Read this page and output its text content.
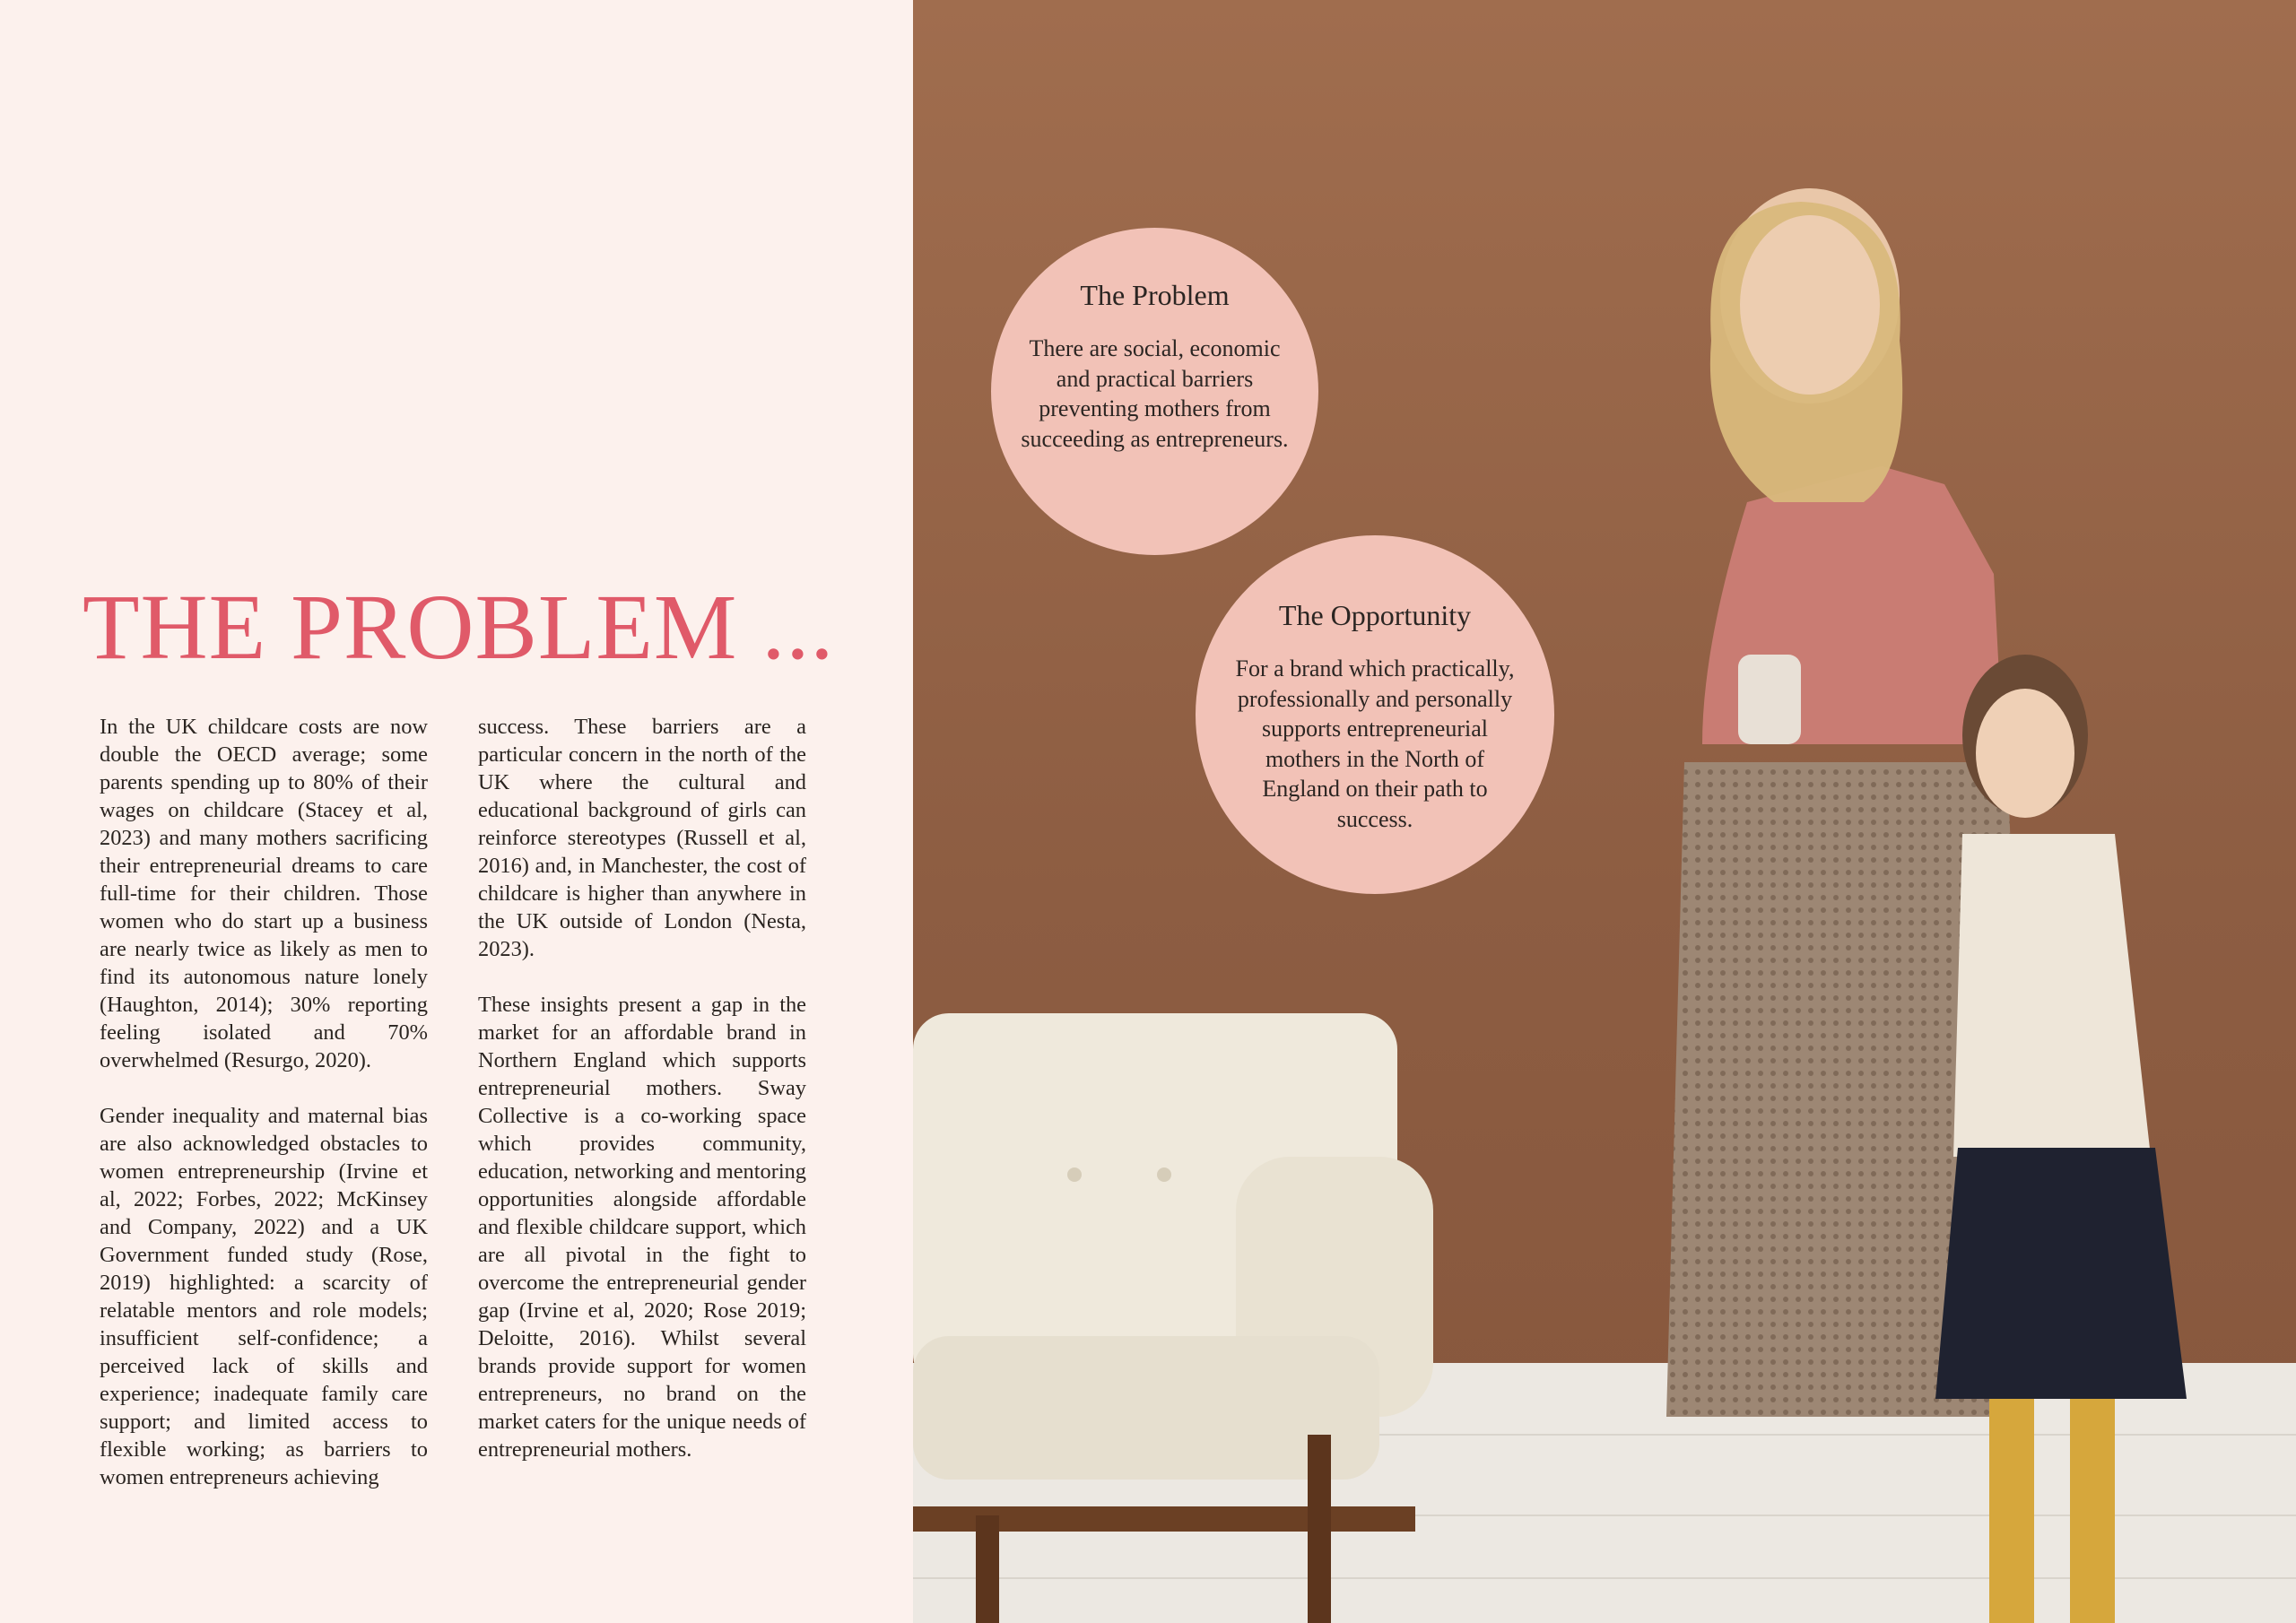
THE PROBLEM ...

In the UK childcare costs are now double the OECD average; some parents spending up to 80% of their wages on childcare (Stacey et al, 2023) and many mothers sacrificing their entrepreneurial dreams to care full-time for their children. Those women who do start up a business are nearly twice as likely as men to find its autonomous nature lonely (Haughton, 2014); 30% reporting feeling isolated and 70% overwhelmed (Resurgo, 2020).

Gender inequality and maternal bias are also acknowledged obstacles to women entrepreneurship (Irvine et al, 2022; Forbes, 2022; McKinsey and Company, 2022) and a UK Government funded study (Rose, 2019) highlighted: a scarcity of relatable mentors and role models; insufficient self-confidence; a perceived lack of skills and experience; inadequate family care support; and limited access to flexible working; as barriers to women entrepreneurs achieving

success. These barriers are a particular concern in the north of the UK where the cultural and educational background of girls can reinforce stereotypes (Russell et al, 2016) and, in Manchester, the cost of childcare is higher than anywhere in the UK outside of London (Nesta, 2023).

These insights present a gap in the market for an affordable brand in Northern England which supports entrepreneurial mothers. Sway Collective is a co-working space which provides community, education, networking and mentoring opportunities alongside affordable and flexible childcare support, which are all pivotal in the fight to overcome the entrepreneurial gender gap (Irvine et al, 2020; Rose 2019; Deloitte, 2016). Whilst several brands provide support for women entrepreneurs, no brand on the market caters for the unique needs of entrepreneurial mothers.

The Problem
There are social, economic and practical barriers preventing mothers from succeeding as entrepreneurs.
The Opportunity
For a brand which practically, professionally and personally supports entrepreneurial mothers in the North of England on their path to success.
